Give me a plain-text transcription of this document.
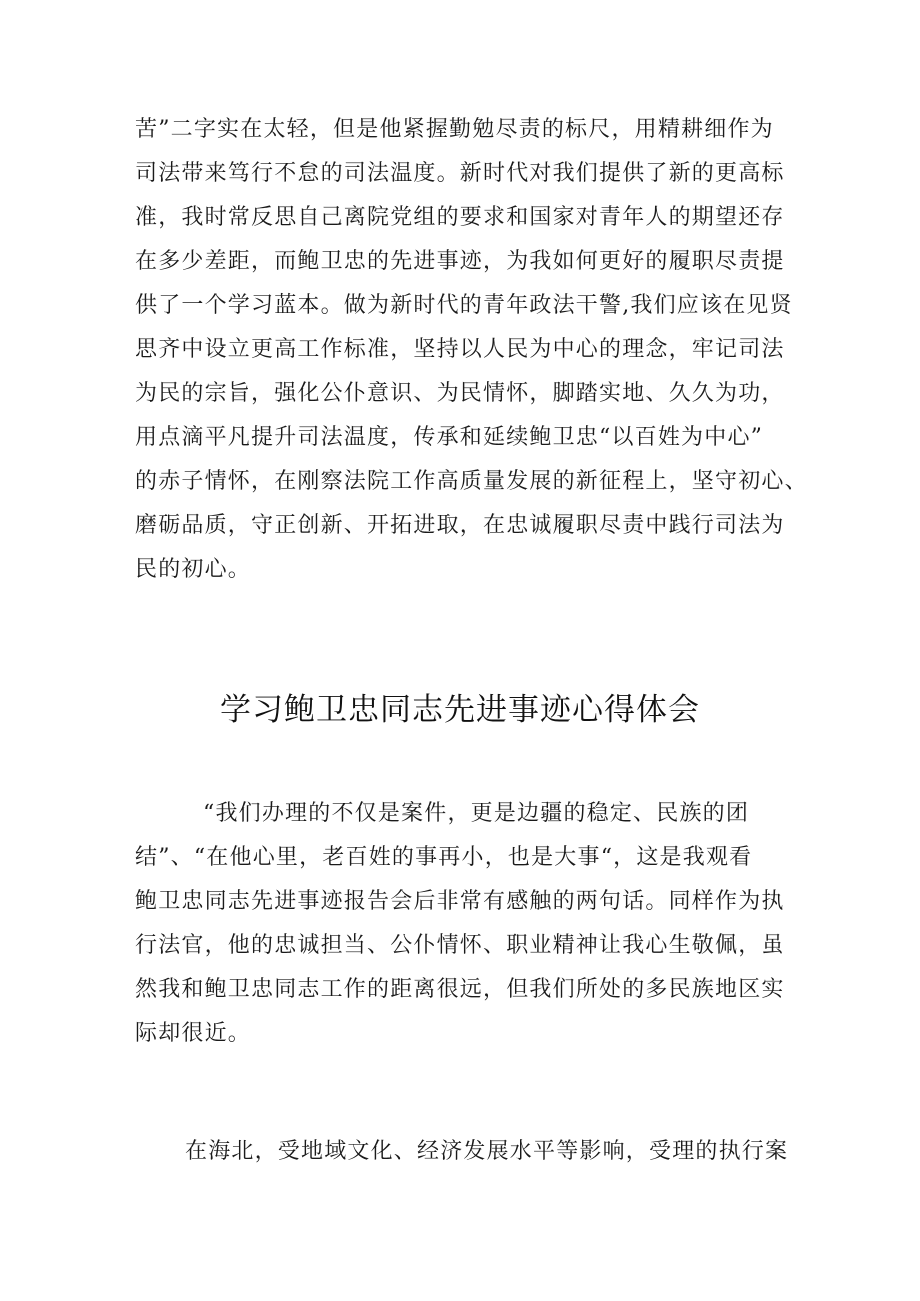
苦”二字实在太轻，但是他紧握勤勉尽责的标尺，用精耕细作为
司法带来笃行不怠的司法温度。新时代对我们提供了新的更高标
准，我时常反思自己离院党组的要求和国家对青年人的期望还存
在多少差距，而鲍卫忠的先进事迹，为我如何更好的履职尽责提
供了一个学习蓝本。做为新时代的青年政法干警,我们应该在见贤
思齐中设立更高工作标准，坚持以人民为中心的理念，牢记司法
为民的宗旨，强化公仆意识、为民情怀，脚踏实地、久久为功，
用点滴平凡提升司法温度，传承和延续鲍卫忠“以百姓为中心”
的赤子情怀，在刚察法院工作高质量发展的新征程上，坚守初心、
磨砺品质，守正创新、开拓进取，在忠诚履职尽责中践行司法为
民的初心。
学习鲍卫忠同志先进事迹心得体会
“我们办理的不仅是案件，更是边疆的稳定、民族的团
结”、“在他心里，老百姓的事再小，也是大事“，这是我观看
鲍卫忠同志先进事迹报告会后非常有感触的两句话。同样作为执
行法官，他的忠诚担当、公仆情怀、职业精神让我心生敬佩，虽
然我和鲍卫忠同志工作的距离很远，但我们所处的多民族地区实
际却很近。
在海北，受地域文化、经济发展水平等影响，受理的执行案
